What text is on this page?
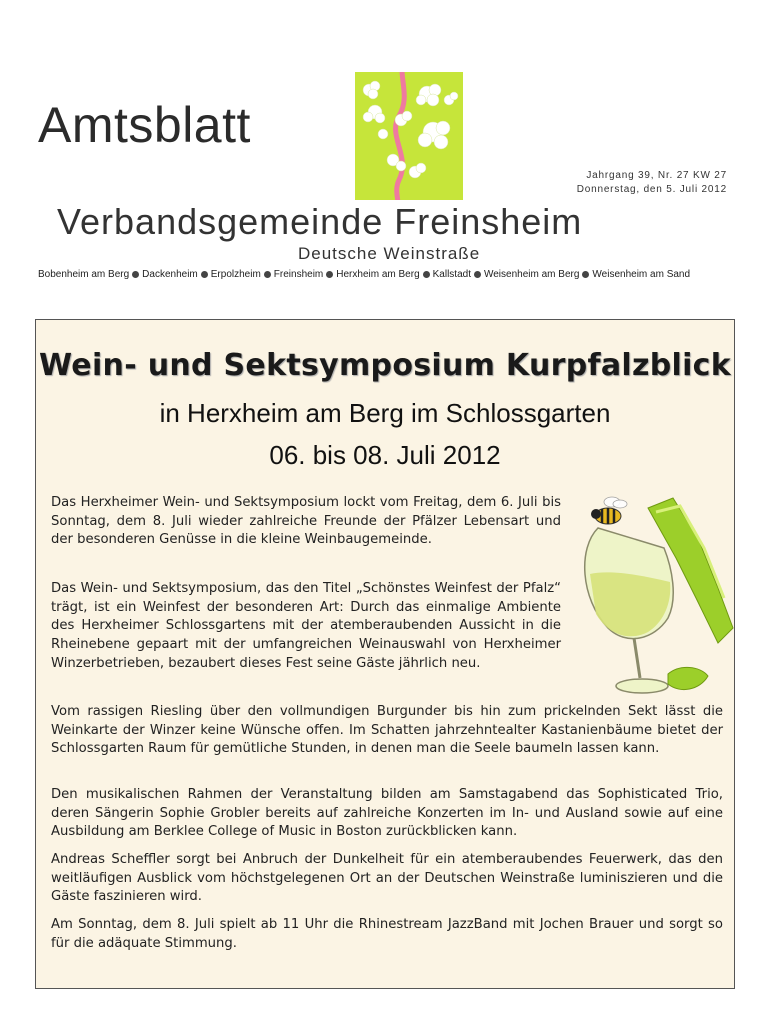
Amtsblatt
Jahrgang 39, Nr. 27 KW 27
Donnerstag, den 5. Juli 2012
Verbandsgemeinde Freinsheim
Deutsche Weinstraße
Bobenheim am Berg Dackenheim Erpolzheim Freinsheim Herxheim am Berg Kallstadt Weisenheim am Berg Weisenheim am Sand
Wein- und Sektsymposium Kurpfalzblick
in Herxheim am Berg im Schlossgarten
06. bis 08. Juli 2012

Das Herxheimer Wein- und Sektsymposium lockt vom Freitag, dem 6. Juli bis Sonntag, dem 8. Juli wieder zahlreiche Freunde der Pfälzer Lebensart und der besonderen Genüsse in die kleine Weinbaugemeinde.

Das Wein- und Sektsymposium, das den Titel „Schönstes Weinfest der Pfalz“ trägt, ist ein Weinfest der besonderen Art: Durch das einmalige Ambiente des Herxheimer Schlossgartens mit der atemberaubenden Aussicht in die Rheinebene gepaart mit der umfangreichen Weinauswahl von Herxheimer Winzerbetrieben, bezaubert dieses Fest seine Gäste jährlich neu.

Vom rassigen Riesling über den vollmundigen Burgunder bis hin zum prickelnden Sekt lässt die Weinkarte der Winzer keine Wünsche offen. Im Schatten jahrzehntealter Kastanienbäume bietet der Schlossgarten Raum für gemütliche Stunden, in denen man die Seele baumeln lassen kann.

Den musikalischen Rahmen der Veranstaltung bilden am Samstagabend das Sophisticated Trio, deren Sängerin Sophie Grobler bereits auf zahlreiche Konzerten im In- und Ausland sowie auf eine Ausbildung am Berklee College of Music in Boston zurückblicken kann.

Andreas Scheffler sorgt bei Anbruch der Dunkelheit für ein atemberaubendes Feuerwerk, das den weitläufigen Ausblick vom höchstgelegenen Ort an der Deutschen Weinstraße luminiszieren und die Gäste faszinieren wird.

Am Sonntag, dem 8. Juli spielt ab 11 Uhr die Rhinestream JazzBand mit Jochen Brauer und sorgt so für die adäquate Stimmung.
